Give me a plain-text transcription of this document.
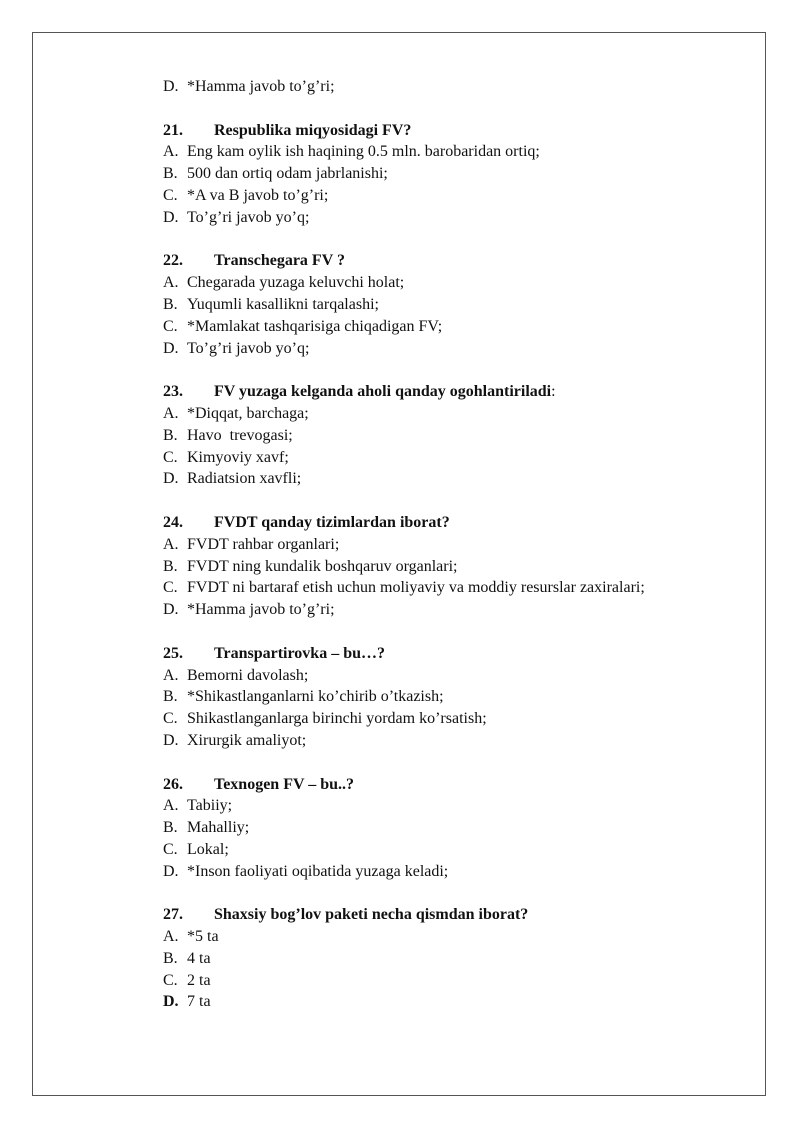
D. *Hamma javob to’g’ri;
21. Respublika miqyosidagi FV?
A. Eng kam oylik ish haqining 0.5 mln. barobaridan ortiq;
B. 500 dan ortiq odam jabrlanishi;
C. *A va B javob to’g’ri;
D. To’g’ri javob yo’q;
22. Transchegara FV ?
A. Chegarada yuzaga keluvchi holat;
B. Yuqumli kasallikni tarqalashi;
C. *Mamlakat tashqarisiga chiqadigan FV;
D. To’g’ri javob yo’q;
23. FV yuzaga kelganda aholi qanday ogohlantiriladi:
A. *Diqqat, barchaga;
B. Havo  trevogasi;
C. Kimyoviy xavf;
D. Radiatsion xavfli;
24. FVDT qanday tizimlardan iborat?
A. FVDT rahbar organlari;
B. FVDT ning kundalik boshqaruv organlari;
C. FVDT ni bartaraf etish uchun moliyaviy va moddiy resurslar zaxiralari;
D. *Hamma javob to’g’ri;
25. Transpartirovka – bu…?
A. Bemorni davolash;
B. *Shikastlanganlarni ko’chirib o’tkazish;
C. Shikastlanganlarga birinchi yordam ko’rsatish;
D. Xirurgik amaliyot;
26. Texnogen FV – bu..?
A. Tabiiy;
B. Mahalliy;
C. Lokal;
D. *Inson faoliyati oqibatida yuzaga keladi;
27. Shaxsiy bog’lov paketi necha qismdan iborat?
A. *5 ta
B. 4 ta
C. 2 ta
D. 7 ta
